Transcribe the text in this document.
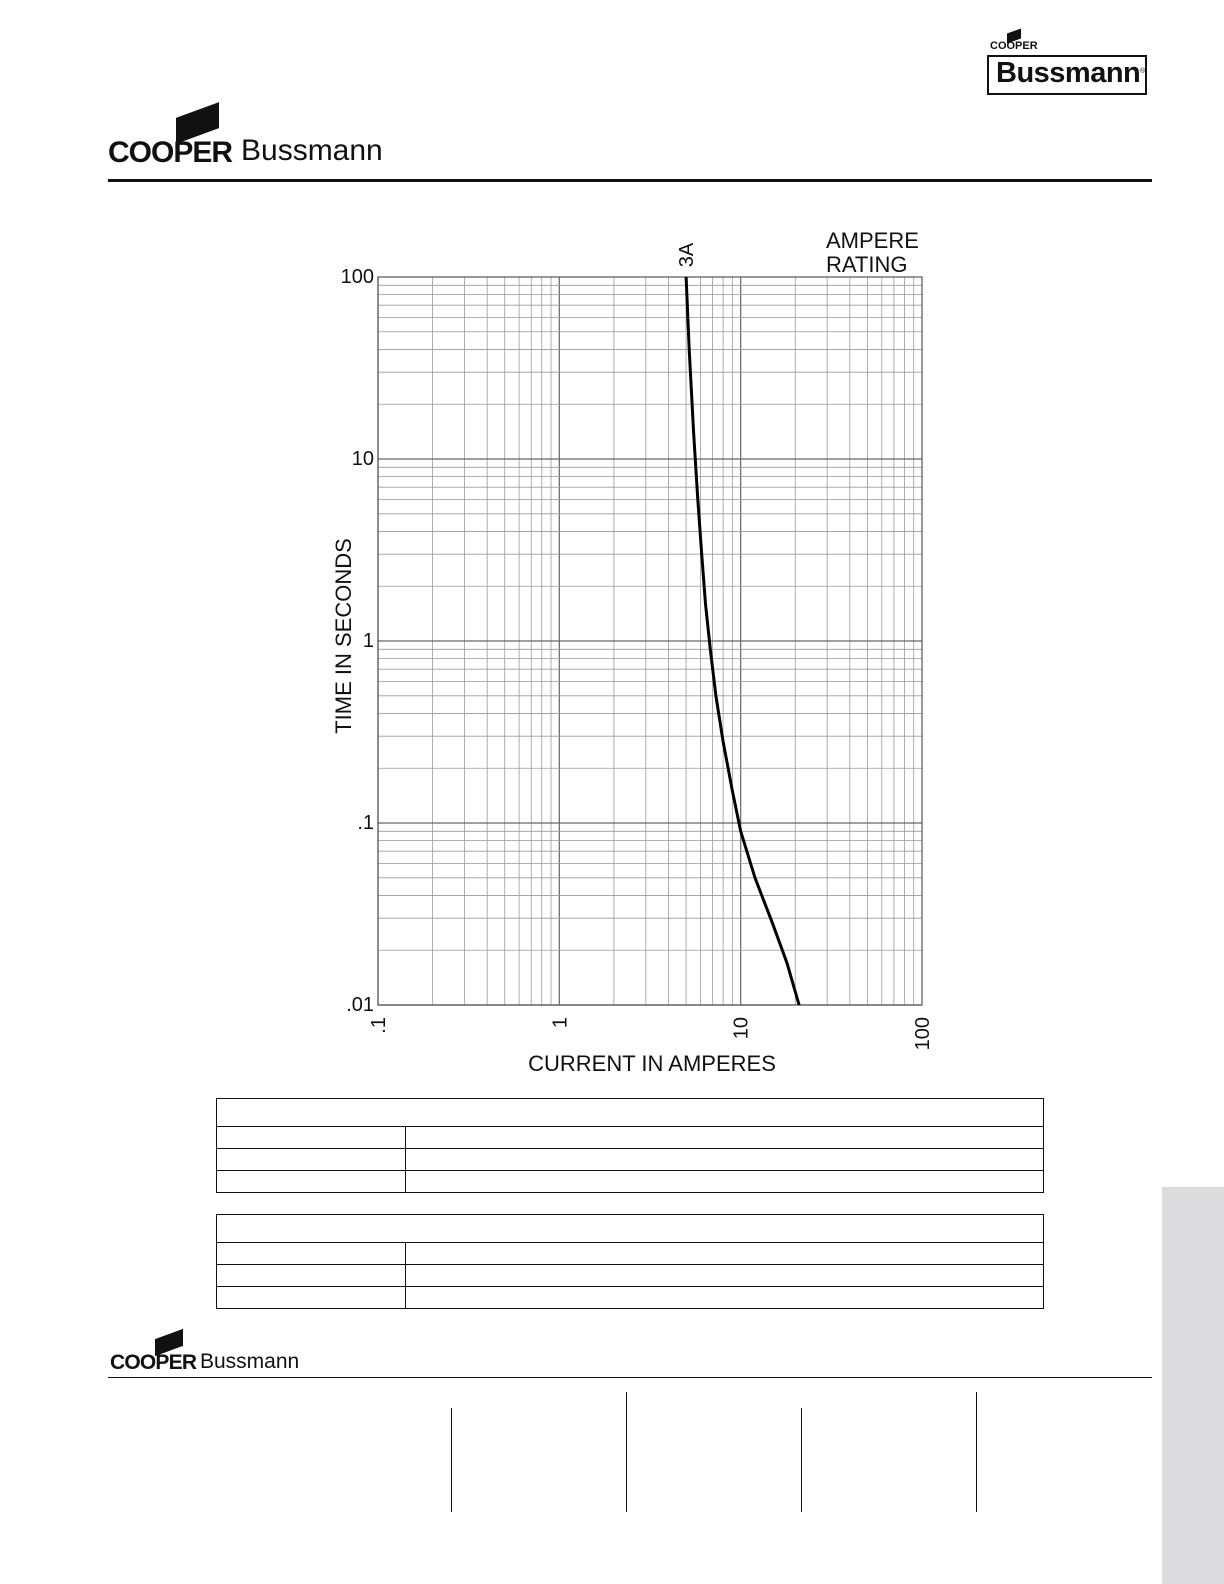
COOPER
Bussmann ®
COOPER Bussmann
3A
AMPERE
RATING
.01
.1
1
10
100
.1	1	10	100
TIME IN SECONDS
CURRENT IN AMPERES

COOPER Bussmann
